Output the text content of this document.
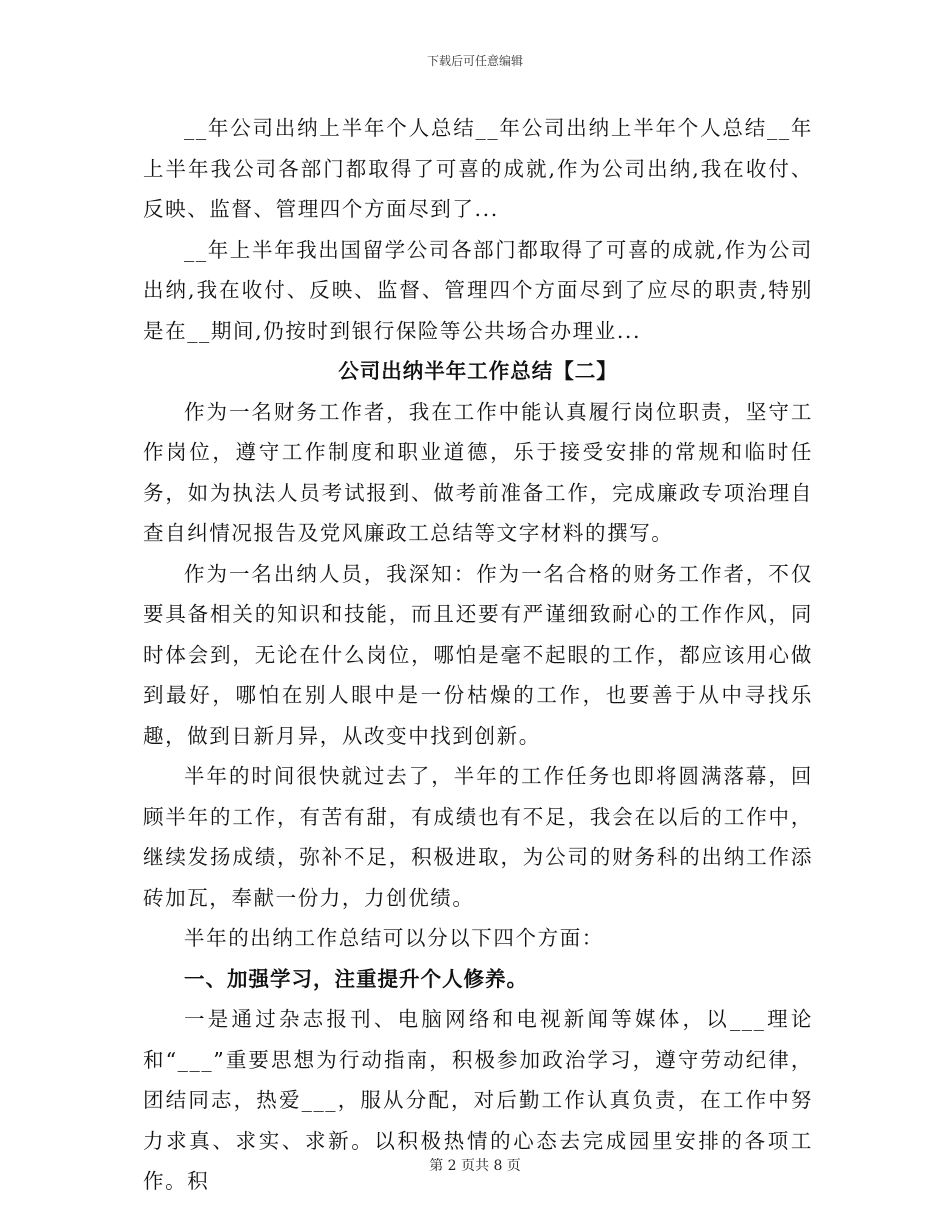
下载后可任意编辑

__年公司出纳上半年个人总结__年公司出纳上半年个人总结__年上半年我公司各部门都取得了可喜的成就,作为公司出纳,我在收付、反映、监督、管理四个方面尽到了...

__年上半年我出国留学公司各部门都取得了可喜的成就,作为公司出纳,我在收付、反映、监督、管理四个方面尽到了应尽的职责,特别是在__期间,仍按时到银行保险等公共场合办理业...

公司出纳半年工作总结【二】

作为一名财务工作者，我在工作中能认真履行岗位职责，坚守工作岗位，遵守工作制度和职业道德，乐于接受安排的常规和临时任务，如为执法人员考试报到、做考前准备工作，完成廉政专项治理自查自纠情况报告及党风廉政工总结等文字材料的撰写。

作为一名出纳人员，我深知：作为一名合格的财务工作者，不仅要具备相关的知识和技能，而且还要有严谨细致耐心的工作作风，同时体会到，无论在什么岗位，哪怕是毫不起眼的工作，都应该用心做到最好，哪怕在别人眼中是一份枯燥的工作，也要善于从中寻找乐趣，做到日新月异，从改变中找到创新。

半年的时间很快就过去了，半年的工作任务也即将圆满落幕，回顾半年的工作，有苦有甜，有成绩也有不足，我会在以后的工作中，继续发扬成绩，弥补不足，积极进取，为公司的财务科的出纳工作添砖加瓦，奉献一份力，力创优绩。

半年的出纳工作总结可以分以下四个方面：

一、加强学习，注重提升个人修养。

一是通过杂志报刊、电脑网络和电视新闻等媒体，以___理论和“___”重要思想为行动指南，积极参加政治学习，遵守劳动纪律，团结同志，热爱___，服从分配，对后勤工作认真负责，在工作中努力求真、求实、求新。以积极热情的心态去完成园里安排的各项工作。积

第 2 页共 8 页
